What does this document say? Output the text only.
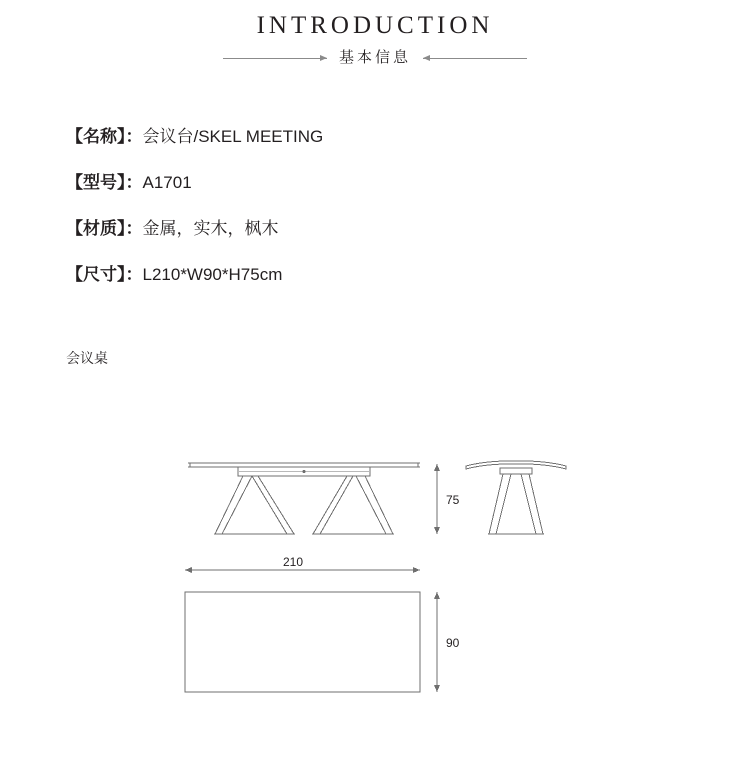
INTRODUCTION
基本信息
【名称】：会议台/SKEL MEETING
【型号】：A1701
【材质】：金属，实木，枫木
【尺寸】：L210*W90*H75cm
会议桌
75
210
90
